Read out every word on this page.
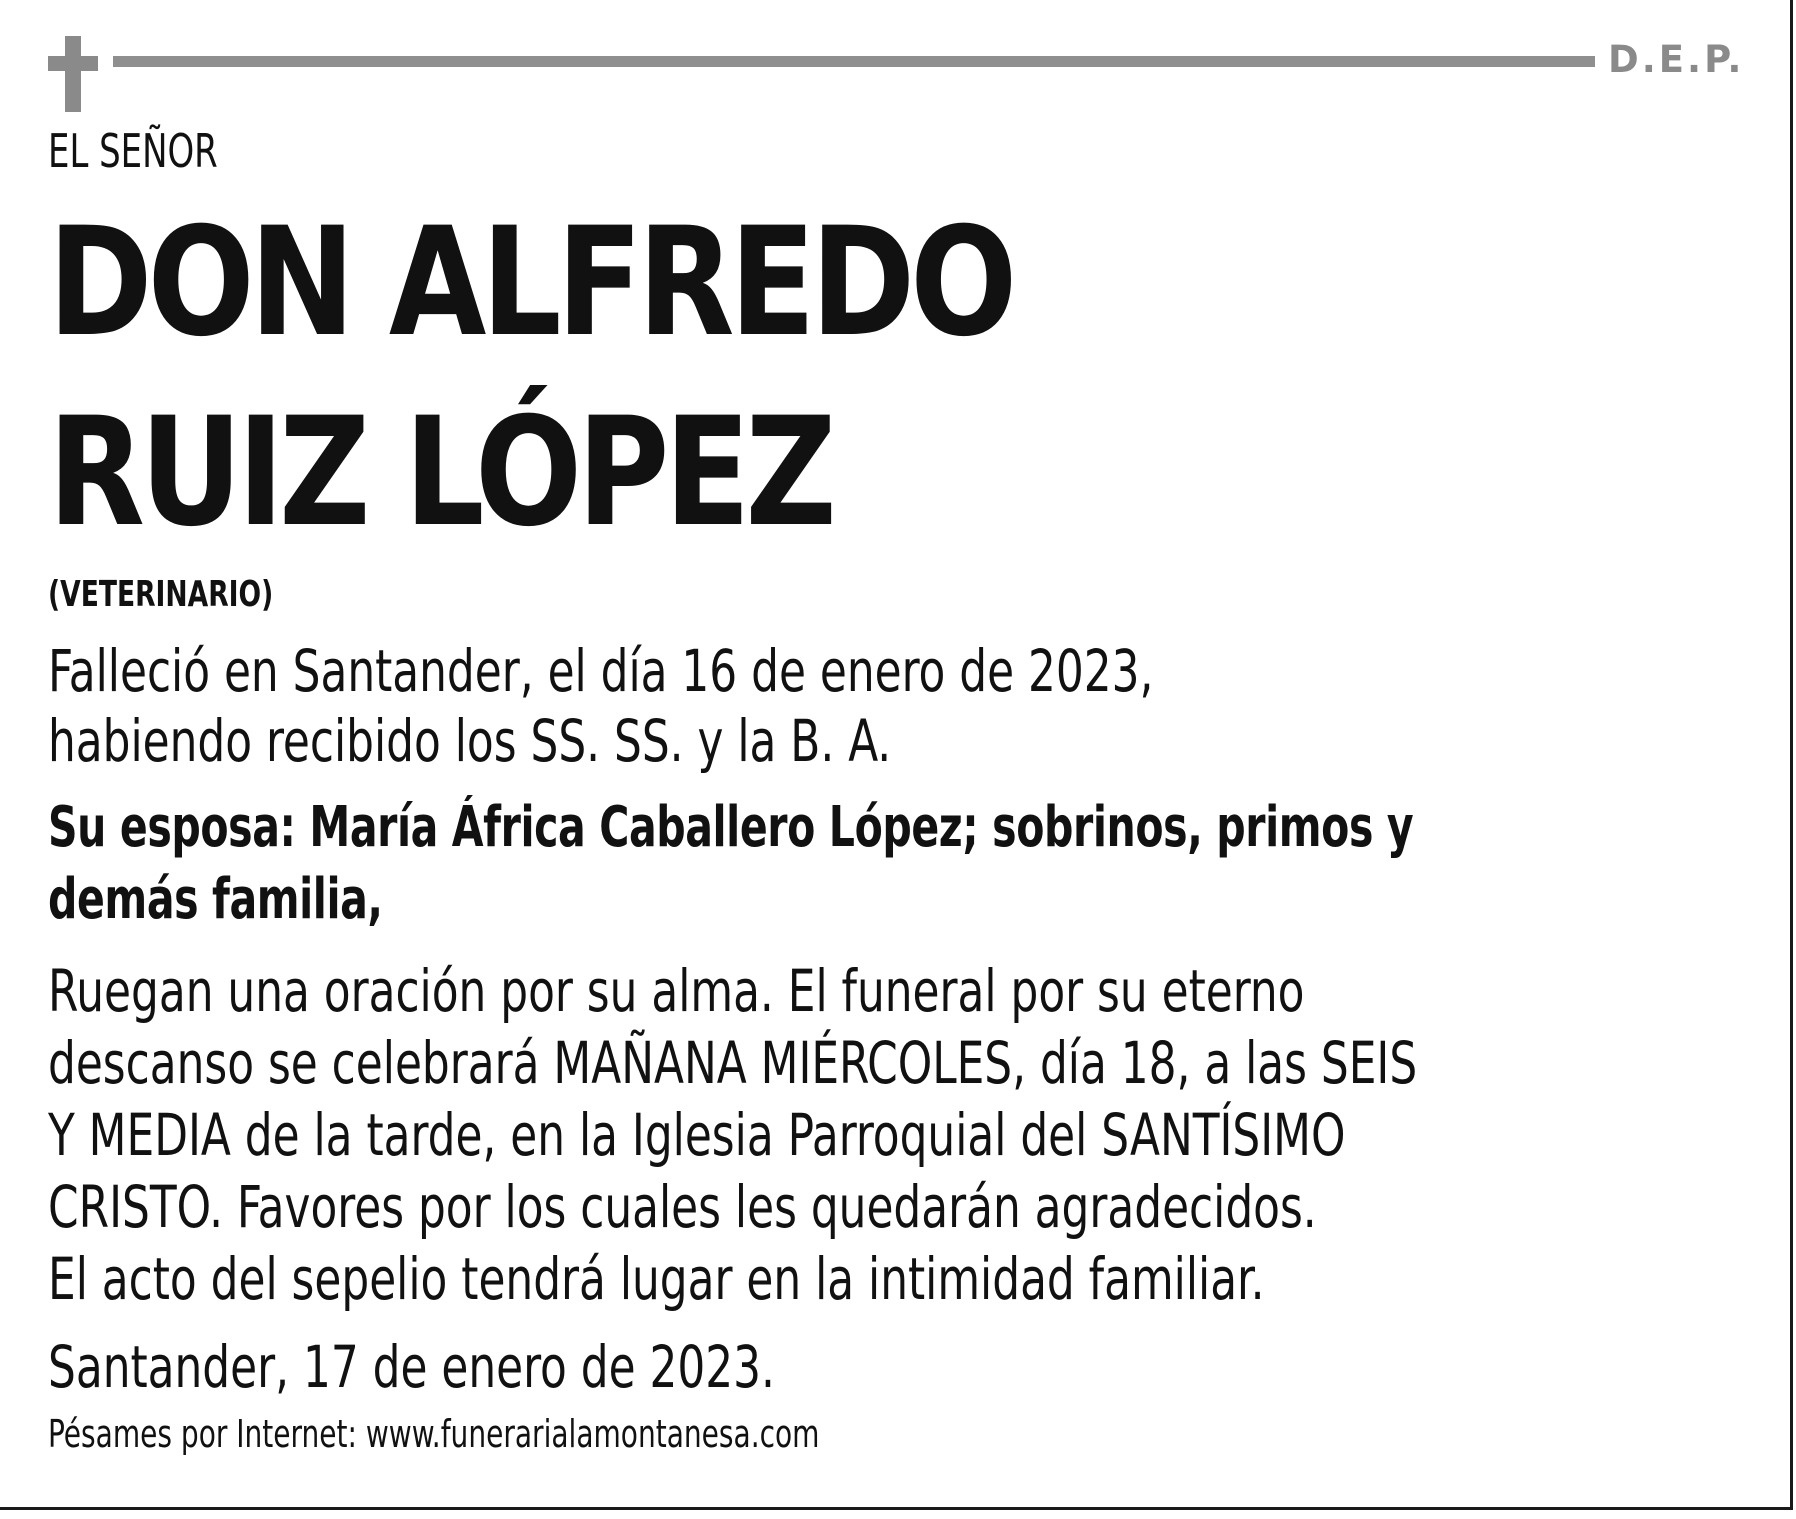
D.E.P.
EL SEÑOR
DON ALFREDO
RUIZ LÓPEZ
(VETERINARIO)
Falleció en Santander, el día 16 de enero de 2023,
habiendo recibido los SS. SS. y la B. A.
Su esposa: María África Caballero López; sobrinos, primos y
demás familia,
Ruegan una oración por su alma. El funeral por su eterno
descanso se celebrará MAÑANA MIÉRCOLES, día 18, a las SEIS
Y MEDIA de la tarde, en la Iglesia Parroquial del SANTÍSIMO
CRISTO. Favores por los cuales les quedarán agradecidos.
El acto del sepelio tendrá lugar en la intimidad familiar.
Santander, 17 de enero de 2023.
Pésames por Internet: www.funerarialamontanesa.com
